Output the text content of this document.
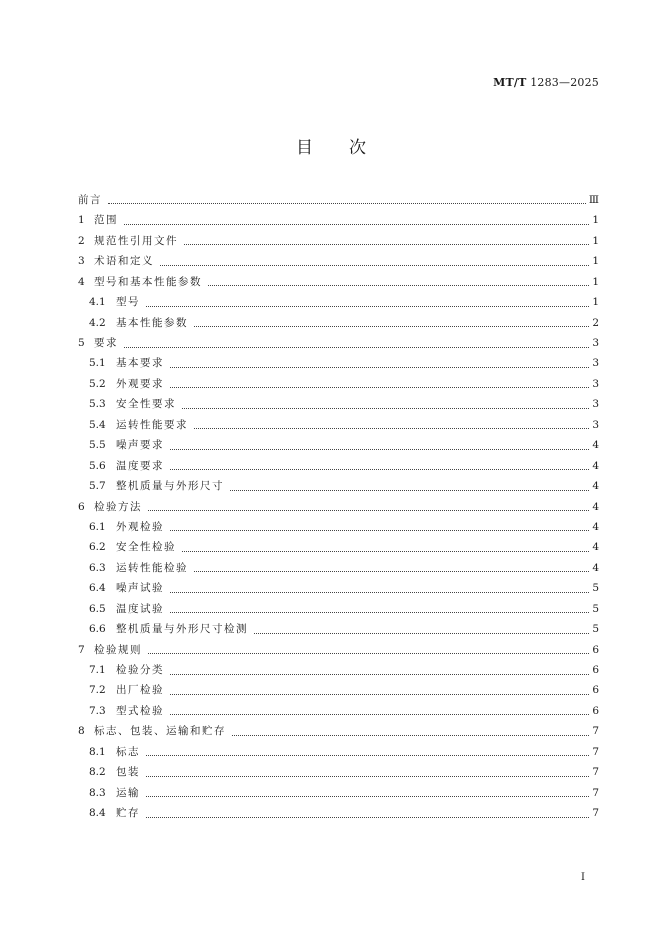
MT/T 1283—2025
目次
前言	Ⅲ
1 范围	1
2 规范性引用文件	1
3 术语和定义	1
4 型号和基本性能参数	1
4.1 型号	1
4.2 基本性能参数	2
5 要求	3
5.1 基本要求	3
5.2 外观要求	3
5.3 安全性要求	3
5.4 运转性能要求	3
5.5 噪声要求	4
5.6 温度要求	4
5.7 整机质量与外形尺寸	4
6 检验方法	4
6.1 外观检验	4
6.2 安全性检验	4
6.3 运转性能检验	4
6.4 噪声试验	5
6.5 温度试验	5
6.6 整机质量与外形尺寸检测	5
7 检验规则	6
7.1 检验分类	6
7.2 出厂检验	6
7.3 型式检验	6
8 标志、包装、运输和贮存	7
8.1 标志	7
8.2 包装	7
8.3 运输	7
8.4 贮存	7
Ⅰ
